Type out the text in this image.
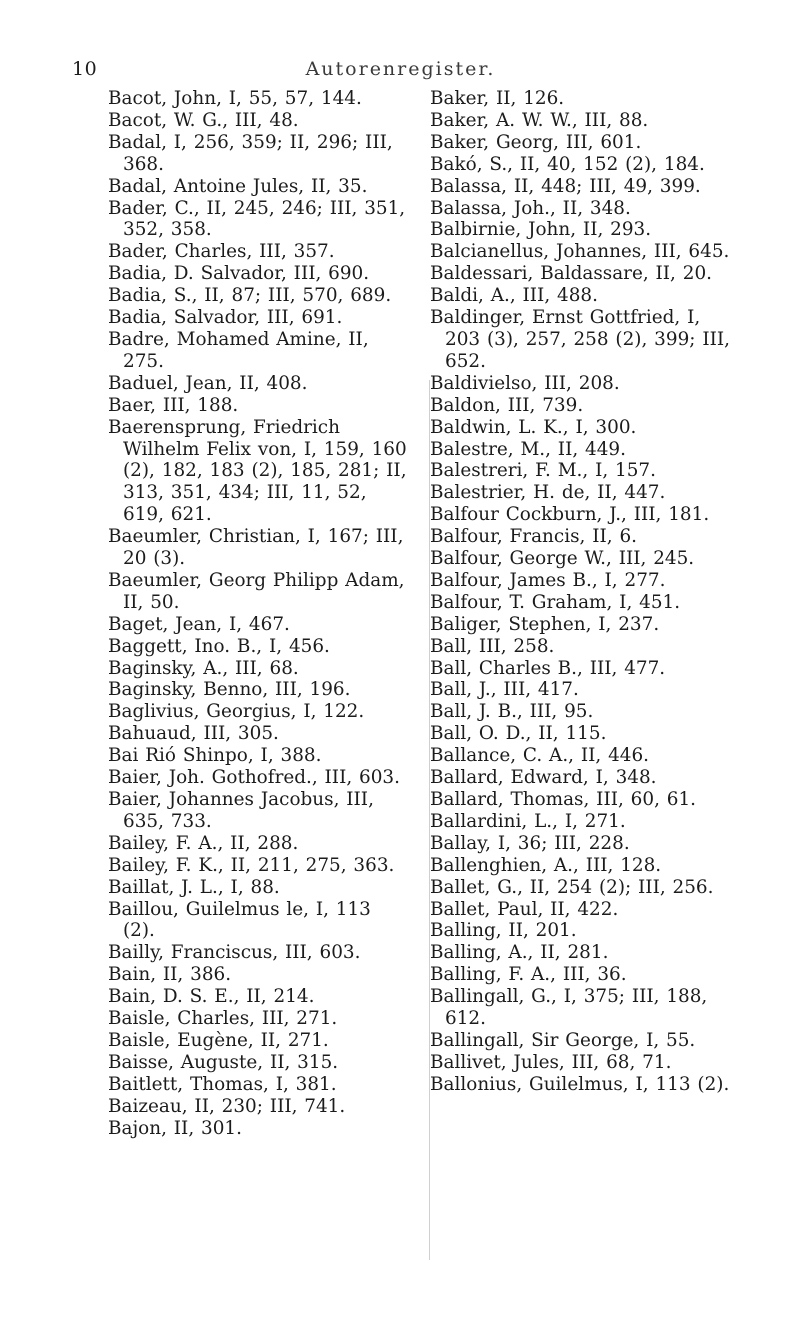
10	Autorenregister.
Bacot, John, I, 55, 57, 144.
Bacot, W. G., III, 48.
Badal, I, 256, 359; II, 296; III, 368.
Badal, Antoine Jules, II, 35.
Bader, C., II, 245, 246; III, 351, 352, 358.
Bader, Charles, III, 357.
Badia, D. Salvador, III, 690.
Badia, S., II, 87; III, 570, 689.
Badia, Salvador, III, 691.
Badre, Mohamed Amine, II, 275.
Baduel, Jean, II, 408.
Baer, III, 188.
Baerensprung, Friedrich Wilhelm Felix von, I, 159, 160 (2), 182, 183 (2), 185, 281; II, 313, 351, 434; III, 11, 52, 619, 621.
Baeumler, Christian, I, 167; III, 20 (3).
Baeumler, Georg Philipp Adam, II, 50.
Baget, Jean, I, 467.
Baggett, Ino. B., I, 456.
Baginsky, A., III, 68.
Baginsky, Benno, III, 196.
Baglivius, Georgius, I, 122.
Bahuaud, III, 305.
Bai Rió Shinpo, I, 388.
Baier, Joh. Gothofred., III, 603.
Baier, Johannes Jacobus, III, 635, 733.
Bailey, F. A., II, 288.
Bailey, F. K., II, 211, 275, 363.
Baillat, J. L., I, 88.
Baillou, Guilelmus le, I, 113 (2).
Bailly, Franciscus, III, 603.
Bain, II, 386.
Bain, D. S. E., II, 214.
Baisle, Charles, III, 271.
Baisle, Eugène, II, 271.
Baisse, Auguste, II, 315.
Baitlett, Thomas, I, 381.
Baizeau, II, 230; III, 741.
Bajon, II, 301.
Baker, II, 126.
Baker, A. W. W., III, 88.
Baker, Georg, III, 601.
Bakó, S., II, 40, 152 (2), 184.
Balassa, II, 448; III, 49, 399.
Balassa, Joh., II, 348.
Balbirnie, John, II, 293.
Balcianellus, Johannes, III, 645.
Baldessari, Baldassare, II, 20.
Baldi, A., III, 488.
Baldinger, Ernst Gottfried, I, 203 (3), 257, 258 (2), 399; III, 652.
Baldivielso, III, 208.
Baldon, III, 739.
Baldwin, L. K., I, 300.
Balestre, M., II, 449.
Balestreri, F. M., I, 157.
Balestrier, H. de, II, 447.
Balfour Cockburn, J., III, 181.
Balfour, Francis, II, 6.
Balfour, George W., III, 245.
Balfour, James B., I, 277.
Balfour, T. Graham, I, 451.
Baliger, Stephen, I, 237.
Ball, III, 258.
Ball, Charles B., III, 477.
Ball, J., III, 417.
Ball, J. B., III, 95.
Ball, O. D., II, 115.
Ballance, C. A., II, 446.
Ballard, Edward, I, 348.
Ballard, Thomas, III, 60, 61.
Ballardini, L., I, 271.
Ballay, I, 36; III, 228.
Ballenghien, A., III, 128.
Ballet, G., II, 254 (2); III, 256.
Ballet, Paul, II, 422.
Balling, II, 201.
Balling, A., II, 281.
Balling, F. A., III, 36.
Ballingall, G., I, 375; III, 188, 612.
Ballingall, Sir George, I, 55.
Ballivet, Jules, III, 68, 71.
Ballonius, Guilelmus, I, 113 (2).
